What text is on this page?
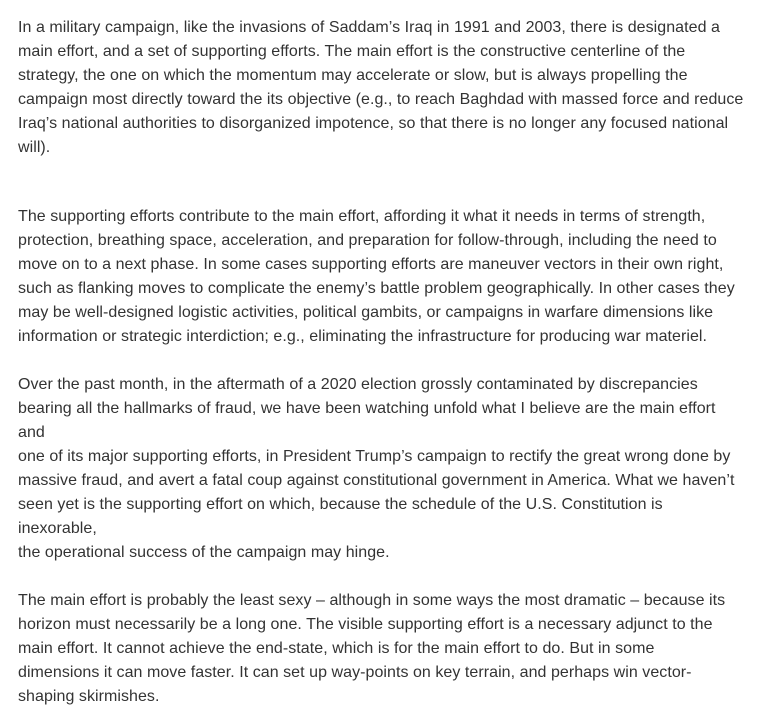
In a military campaign, like the invasions of Saddam’s Iraq in 1991 and 2003, there is designated a
main effort, and a set of supporting efforts. The main effort is the constructive centerline of the
strategy, the one on which the momentum may accelerate or slow, but is always propelling the
campaign most directly toward the its objective (e.g., to reach Baghdad with massed force and reduce
Iraq’s national authorities to disorganized impotence, so that there is no longer any focused national
will).

The supporting efforts contribute to the main effort, affording it what it needs in terms of strength,
protection, breathing space, acceleration, and preparation for follow-through, including the need to
move on to a next phase. In some cases supporting efforts are maneuver vectors in their own right,
such as flanking moves to complicate the enemy’s battle problem geographically. In other cases they
may be well-designed logistic activities, political gambits, or campaigns in warfare dimensions like
information or strategic interdiction; e.g., eliminating the infrastructure for producing war materiel.

Over the past month, in the aftermath of a 2020 election grossly contaminated by discrepancies
bearing all the hallmarks of fraud, we have been watching unfold what I believe are the main effort and
one of its major supporting efforts, in President Trump’s campaign to rectify the great wrong done by
massive fraud, and avert a fatal coup against constitutional government in America. What we haven’t
seen yet is the supporting effort on which, because the schedule of the U.S. Constitution is inexorable,
the operational success of the campaign may hinge.

The main effort is probably the least sexy – although in some ways the most dramatic – because its
horizon must necessarily be a long one. The visible supporting effort is a necessary adjunct to the
main effort. It cannot achieve the end-state, which is for the main effort to do. But in some
dimensions it can move faster. It can set up way-points on key terrain, and perhaps win vector-
shaping skirmishes.
